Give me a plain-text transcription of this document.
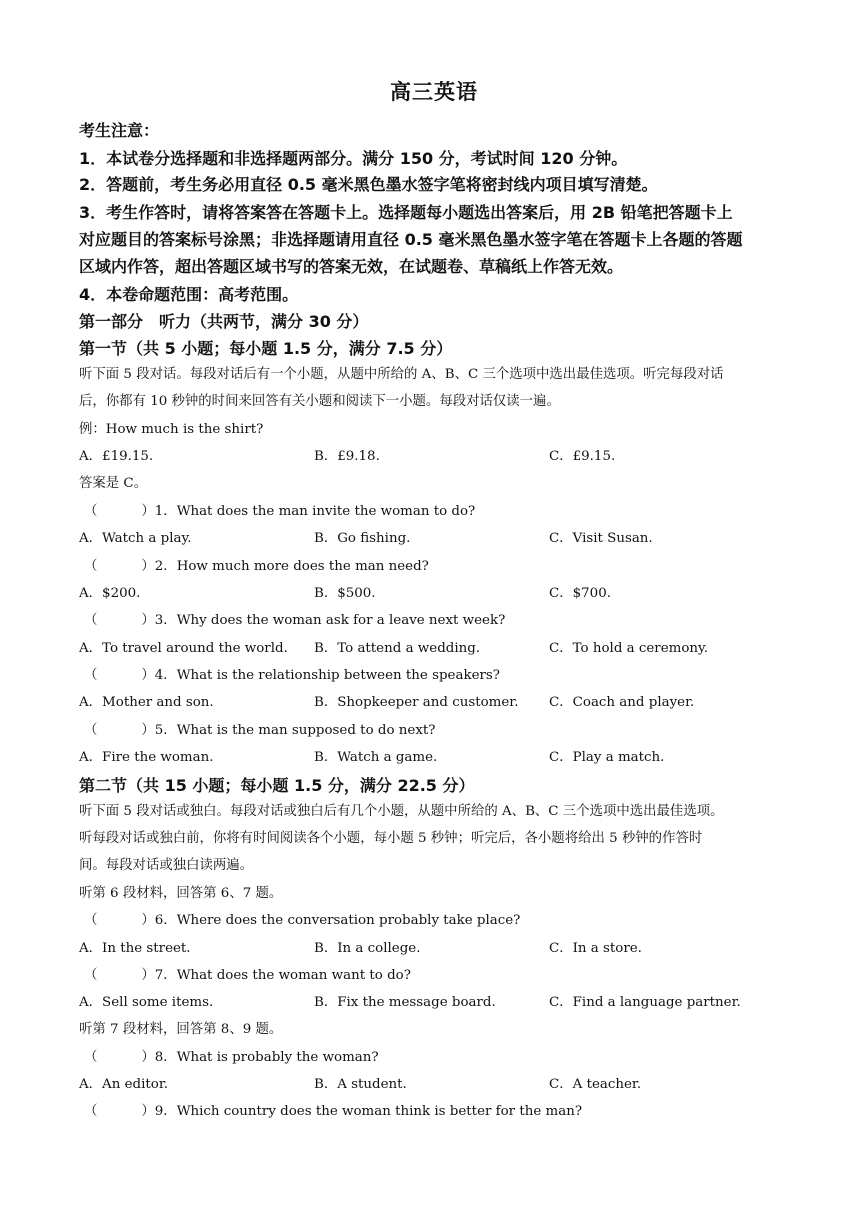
高三英语
考生注意：
1．本试卷分选择题和非选择题两部分。满分 150 分，考试时间 120 分钟。
2．答题前，考生务必用直径 0.5 毫米黑色墨水签字笔将密封线内项目填写清楚。
3．考生作答时，请将答案答在答题卡上。选择题每小题选出答案后，用 2B 铅笔把答题卡上
对应题目的答案标号涂黑；非选择题请用直径 0.5 毫米黑色墨水签字笔在答题卡上各题的答题
区域内作答，超出答题区域书写的答案无效，在试题卷、草稿纸上作答无效。
4．本卷命题范围：高考范围。
第一部分　听力（共两节，满分 30 分）
第一节（共 5 小题；每小题 1.5 分，满分 7.5 分）
听下面 5 段对话。每段对话后有一个小题，从题中所给的 A、B、C 三个选项中选出最佳选项。听完每段对话
后，你都有 10 秒钟的时间来回答有关小题和阅读下一小题。每段对话仅读一遍。
例：How much is the shirt?
A．£19.15.	B．£9.18.	C．£9.15.
答案是 C。
（	）1．What does the man invite the woman to do?
A．Watch a play.	B．Go fishing.	C．Visit Susan.
（	）2．How much more does the man need?
A．$200.	B．$500.	C．$700.
（	）3．Why does the woman ask for a leave next week?
A．To travel around the world. B．To attend a wedding.	C．To hold a ceremony.
（	）4．What is the relationship between the speakers?
A．Mother and son.	B．Shopkeeper and customer. C．Coach and player.
（	）5．What is the man supposed to do next?
A．Fire the woman.	B．Watch a game.	C．Play a match.
第二节（共 15 小题；每小题 1.5 分，满分 22.5 分）
听下面 5 段对话或独白。每段对话或独白后有几个小题，从题中所给的 A、B、C 三个选项中选出最佳选项。
听每段对话或独白前，你将有时间阅读各个小题，每小题 5 秒钟；听完后，各小题将给出 5 秒钟的作答时
间。每段对话或独白读两遍。
听第 6 段材料，回答第 6、7 题。
（	）6．Where does the conversation probably take place?
A．In the street.	B．In a college.	C．In a store.
（	）7．What does the woman want to do?
A．Sell some items.	B．Fix the message board.	C．Find a language partner.
听第 7 段材料，回答第 8、9 题。
（	）8．What is probably the woman?
A．An editor.	B．A student.	C．A teacher.
（	）9．Which country does the woman think is better for the man?
